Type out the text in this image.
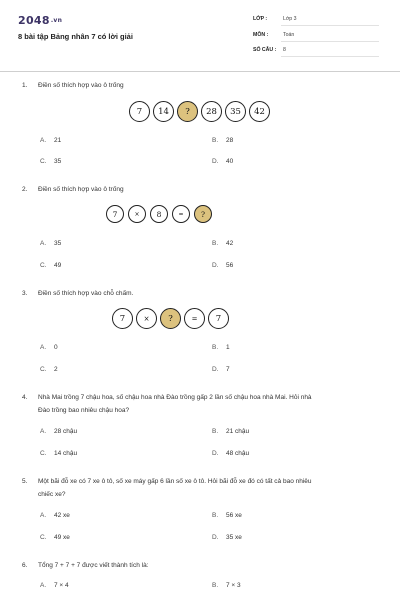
2048.vn
8 bài tập Bảng nhân 7 có lời giải
LỚP :	Lớp 3
MÔN :	Toán
SỐ CÂU : 8
1. Điền số thích hợp vào ô trống
7	14	?	28	35	42
A. 21	B. 28
C. 35	D. 40
2. Điền số thích hợp vào ô trống
7	×	8	=	?
A. 35	B. 42
C. 49	D. 56
3. Điền số thích hợp vào chỗ chấm.
7	×	?	=	7
A. 0	B. 1
C. 2	D. 7
4. Nhà Mai trồng 7 chậu hoa, số chậu hoa nhà Đào trồng gấp 2 lần số chậu hoa nhà Mai. Hỏi nhà
Đào trồng bao nhiêu chậu hoa?
A. 28 chậu	B. 21 chậu
C. 14 chậu	D. 48 chậu
5. Một bãi đỗ xe có 7 xe ô tô, số xe máy gấp 6 lần số xe ô tô. Hỏi bãi đỗ xe đó có tất cả bao nhiêu
chiếc xe?
A. 42 xe	B. 56 xe
C. 49 xe	D. 35 xe
6. Tổng 7 + 7 + 7 được viết thành tích là:
A. 7 × 4	B. 7 × 3
